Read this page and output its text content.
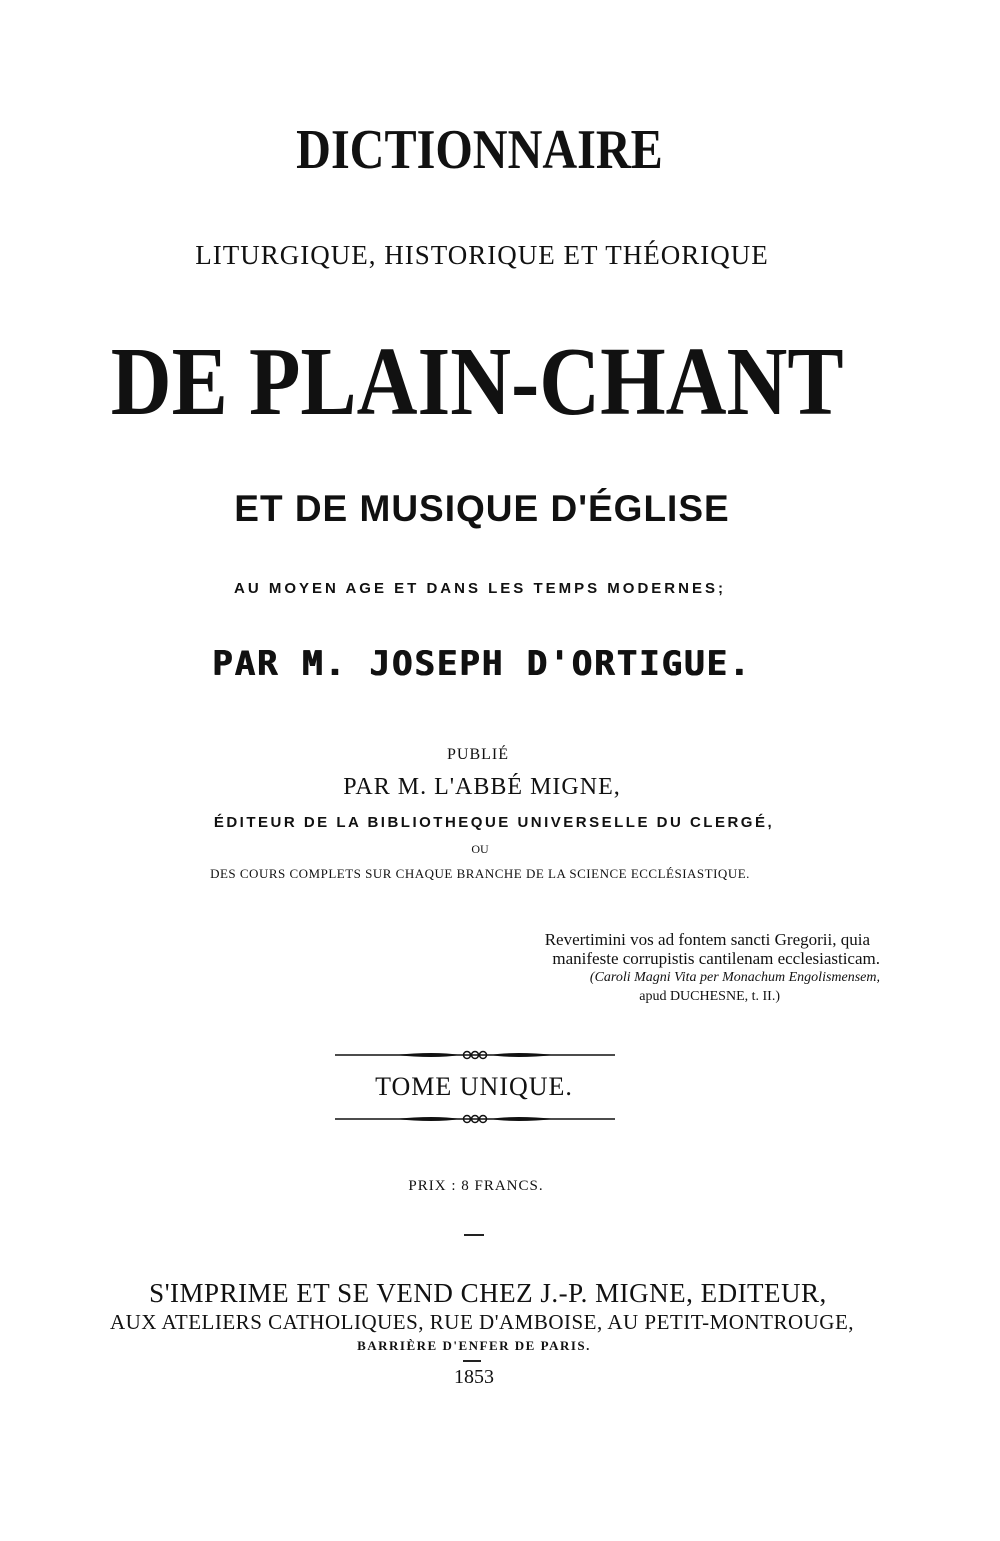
DICTIONNAIRE
LITURGIQUE, HISTORIQUE ET THÉORIQUE
DE PLAIN-CHANT
ET DE MUSIQUE D'ÉGLISE
AU MOYEN AGE ET DANS LES TEMPS MODERNES;
PAR M. JOSEPH D'ORTIGUE.
PUBLIÉ
PAR M. L'ABBÉ MIGNE,
ÉDITEUR DE LA BIBLIOTHEQUE UNIVERSELLE DU CLERGÉ,
OU
DES COURS COMPLETS SUR CHAQUE BRANCHE DE LA SCIENCE ECCLÉSIASTIQUE.
Revertimini vos ad fontem sancti Gregorii, quia
manifeste corrupistis cantilenam ecclesiasticam.
(Caroli Magni Vita per Monachum Engolismensem,
apud DUCHESNE, t. II.)
TOME UNIQUE.
PRIX : 8 FRANCS.
S'IMPRIME ET SE VEND CHEZ J.-P. MIGNE, EDITEUR,
AUX ATELIERS CATHOLIQUES, RUE D'AMBOISE, AU PETIT-MONTROUGE,
BARRIÈRE D'ENFER DE PARIS.
1853
